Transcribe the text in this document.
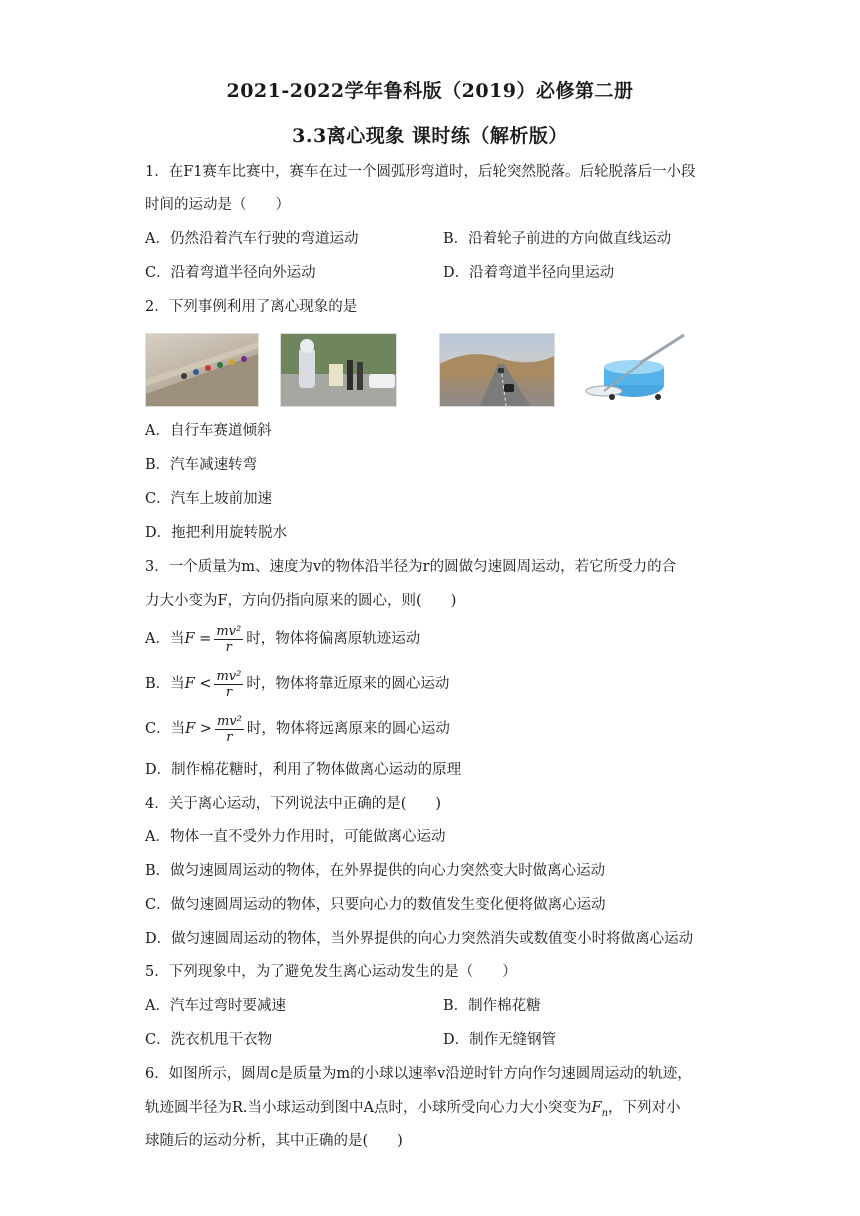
2021-2022学年鲁科版（2019）必修第二册
3.3离心现象 课时练（解析版）
1．在F1赛车比赛中，赛车在过一个圆弧形弯道时，后轮突然脱落。后轮脱落后一小段
时间的运动是（　　）
A．仍然沿着汽车行驶的弯道运动	B．沿着轮子前进的方向做直线运动
C．沿着弯道半径向外运动	D．沿着弯道半径向里运动
2．下列事例利用了离心现象的是
A．自行车赛道倾斜
B．汽车减速转弯
C．汽车上坡前加速
D．拖把利用旋转脱水
3．一个质量为m、速度为v的物体沿半径为r的圆做匀速圆周运动，若它所受力的合
力大小变为F，方向仍指向原来的圆心，则(　　)
A．当$F = \frac{\text{mv²}}{r}$ 时，物体将偏离原轨迹运动
B．当$F < \frac{\text{mv²}}{r}$ 时，物体将靠近原来的圆心运动
C．当$F > \frac{\text{mv²}}{r}$ 时，物体将远离原来的圆心运动
D．制作棉花糖时，利用了物体做离心运动的原理
4．关于离心运动，下列说法中正确的是(　　)
A．物体一直不受外力作用时，可能做离心运动
B．做匀速圆周运动的物体，在外界提供的向心力突然变大时做离心运动
C．做匀速圆周运动的物体，只要向心力的数值发生变化便将做离心运动
D．做匀速圆周运动的物体，当外界提供的向心力突然消失或数值变小时将做离心运动
5．下列现象中，为了避免发生离心运动发生的是（　　）
A．汽车过弯时要减速	B．制作棉花糖
C．洗衣机甩干衣物	D．制作无缝钢管
6．如图所示，圆周c是质量为m的小球以速率v沿逆时针方向作匀速圆周运动的轨迹，
轨迹圆半径为R.当小球运动到图中A点时，小球所受向心力大小突变为$F_n$，下列对小
球随后的运动分析，其中正确的是(　　)
